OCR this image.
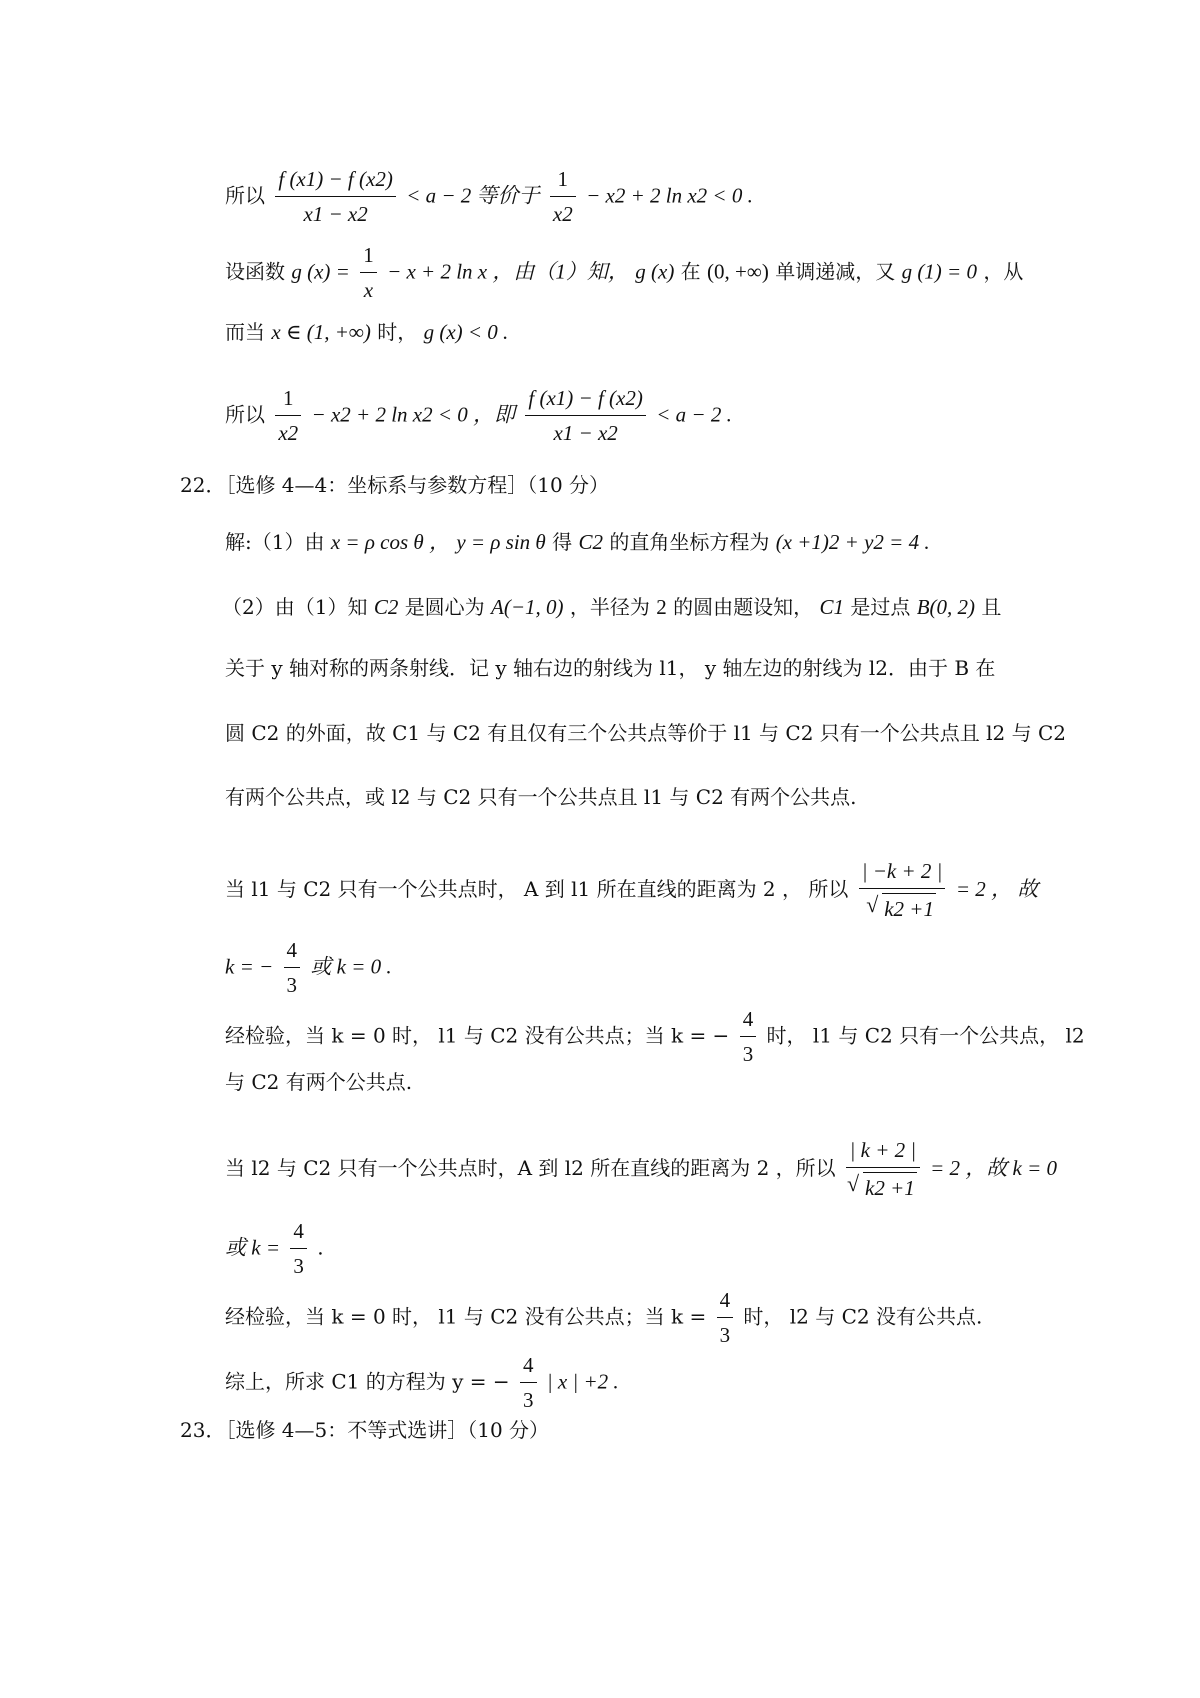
所以 $\frac{f (x1) - f (x2)}{x1 - x2} < a - 2$ 等价于 $\frac{1}{x2} - x2 + 2$ ln x2 < 0 .
设函数 g $(x) = \frac{1}{x} - x + 2$ ln x ，由（1）知， g (x) 在 (0, +∞) 单调递减，又 g (1) = 0 ，从
而当 x ∈ (1, +∞) 时， g (x) < 0 .
所以 $\frac{1}{x2} - x2 + 2$ ln x2 < 0 ，即 $\frac{f (x1) - f (x2)}{x1 - x2} < a - 2$ .
22．［选修 4—4：坐标系与参数方程］（10 分）
解:（1）由 x = ρ cos θ ， y = ρ sin θ 得 C2 的直角坐标方程为 (x +1)2 + y2 = 4 .
（2）由（1）知 C2 是圆心为 A(−1, 0) ，半径为 2 的圆由题设知， C1 是过点 B(0, 2) 且
关于 y 轴对称的两条射线．记 y 轴右边的射线为 l1， y 轴左边的射线为 l2．由于 B 在
圆 C2 的外面，故 C1 与 C2 有且仅有三个公共点等价于 l1 与 C2 只有一个公共点且 l2 与 C2
有两个公共点，或 l2 与 C2 只有一个公共点且 l1 与 C2 有两个公共点.
当 l1 与 C2 只有一个公共点时， A 到 l1 所在直线的距离为 2 ， 所以 | −k + 2 |
√ k2 +1 = 2 ， 故
k = − $\frac{4}{3}$ 或 k = 0 .
经检验，当 k = 0 时， l1 与 C2 没有公共点；当 k = − $\frac{4}{3}$ 时， l1 与 C2 只有一个公共点， l2
与 C2 有两个公共点.
当 l2 与 C2 只有一个公共点时，A 到 l2 所在直线的距离为 2 ，所以 | k + 2 |
√ k2 +1 = 2 ，故 k = 0
或 $k = \frac{4}{3}$ .
经检验，当 k = 0 时， l1 与 C2 没有公共点；当 $k = \frac{4}{3}$ 时， l2 与 C2 没有公共点.
综上，所求 C1 的方程为 y = − $\frac{4}{3}$ | x | +2 .
23．［选修 4—5：不等式选讲］（10 分）
